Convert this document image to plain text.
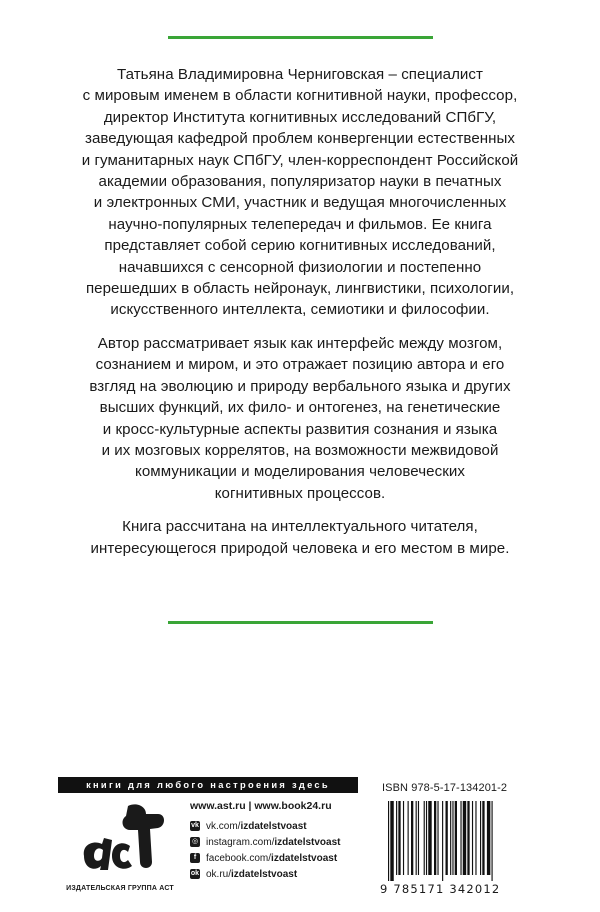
Татьяна Владимировна Черниговская – специалист
с мировым именем в области когнитивной науки, профессор,
директор Института когнитивных исследований СПбГУ,
заведующая кафедрой проблем конвергенции естественных
и гуманитарных наук СПбГУ, член-корреспондент Российской
академии образования, популяризатор науки в печатных
и электронных СМИ, участник и ведущая многочисленных
научно-популярных телепередач и фильмов. Ее книга
представляет собой серию когнитивных исследований,
начавшихся с сенсорной физиологии и постепенно
перешедших в область нейронаук, лингвистики, психологии,
искусственного интеллекта, семиотики и философии.

Автор рассматривает язык как интерфейс между мозгом,
сознанием и миром, и это отражает позицию автора и его
взгляд на эволюцию и природу вербального языка и других
высших функций, их фило- и онтогенез, на генетические
и кросс-культурные аспекты развития сознания и языка
и их мозговых коррелятов, на возможности межвидовой
коммуникации и моделирования человеческих
когнитивных процессов.

Книга рассчитана на интеллектуального читателя,
интересующегося природой человека и его местом в мире.

книги для любого настроения здесь
ИЗДАТЕЛЬСКАЯ ГРУППА АСТ
www.ast.ru | www.book24.ru
vk vk.com/ izdatelstvoast
◎ instagram.com/ izdatelstvoast
f facebook.com/ izdatelstvoast
ok ok.ru/ izdatelstvoast
ISBN 978-5-17-134201-2
9 785171 342012
